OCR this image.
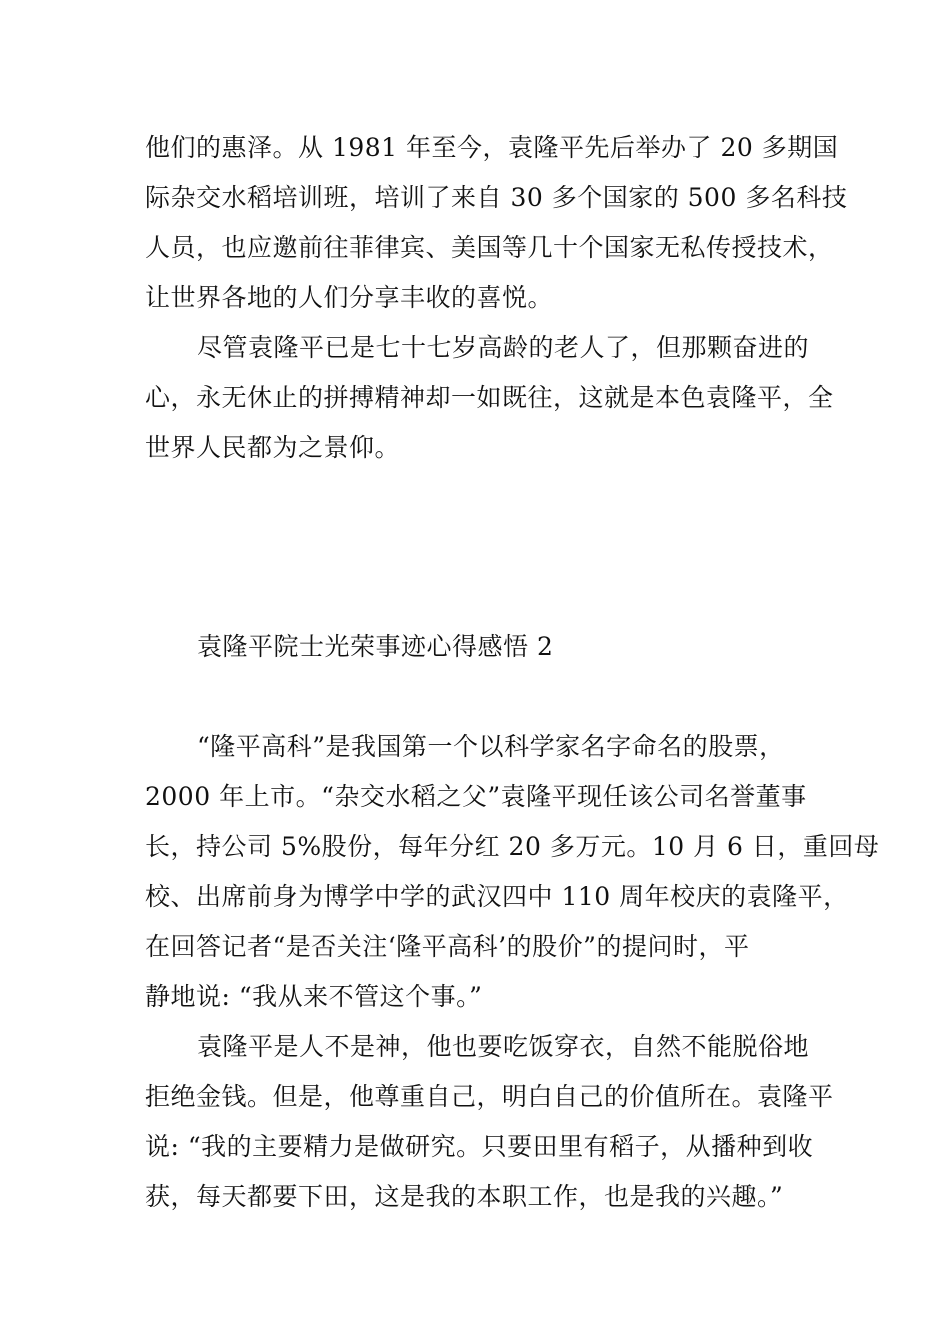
他们的惠泽。从 1981 年至今，袁隆平先后举办了 20 多期国
际杂交水稻培训班，培训了来自 30 多个国家的 500 多名科技
人员，也应邀前往菲律宾、美国等几十个国家无私传授技术，
让世界各地的人们分享丰收的喜悦。
尽管袁隆平已是七十七岁高龄的老人了，但那颗奋进的
心，永无休止的拼搏精神却一如既往，这就是本色袁隆平，全
世界人民都为之景仰。
袁隆平院士光荣事迹心得感悟 2
“隆平高科”是我国第一个以科学家名字命名的股票，
2000 年上市。“杂交水稻之父”袁隆平现任该公司名誉董事
长，持公司 5%股份，每年分红 20 多万元。10 月 6 日，重回母
校、出席前身为博学中学的武汉四中 110 周年校庆的袁隆平，
在回答记者“是否关注‘隆平高科’的股价”的提问时，平
静地说: “我从来不管这个事。”
袁隆平是人不是神，他也要吃饭穿衣，自然不能脱俗地
拒绝金钱。但是，他尊重自己，明白自己的价值所在。袁隆平
说: “我的主要精力是做研究。只要田里有稻子，从播种到收
获，每天都要下田，这是我的本职工作，也是我的兴趣。”
